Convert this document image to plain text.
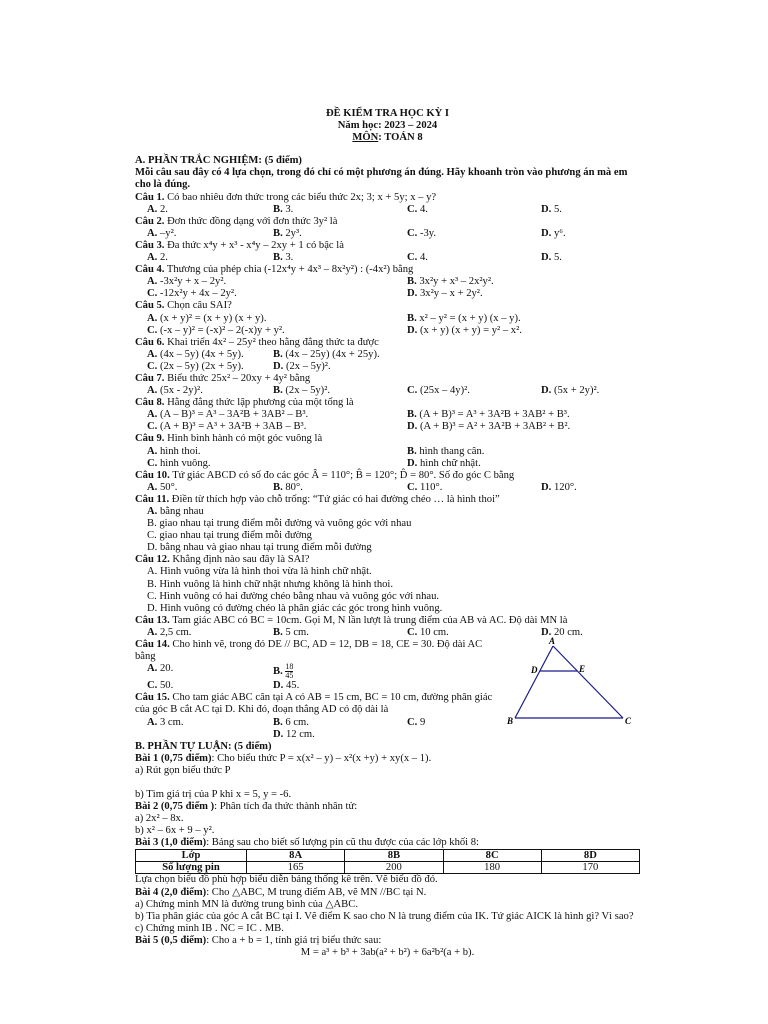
ĐỀ KIỂM TRA HỌC KỲ I
Năm học: 2023 – 2024
MÔN: TOÁN 8
A. PHẦN TRẮC NGHIỆM: (5 điểm)
Mỗi câu sau đây có 4 lựa chọn, trong đó chỉ có một phương án đúng. Hãy khoanh tròn vào phương án mà em cho là đúng.
Câu 1. Có bao nhiêu đơn thức trong các biểu thức 2x; 3; x + 5y; x – y?
A. 2.	B. 3.	C. 4.	D. 5.
Câu 2. Đơn thức đồng dạng với đơn thức 3y² là
A. –y².	B. 2y³.	C. -3y.	D. y⁶.
Câu 3. Đa thức x⁴y + x³ - x⁴y – 2xy + 1 có bậc là
A. 2.	B. 3.	C. 4.	D. 5.
Câu 4. Thương của phép chia (-12x⁴y + 4x³ – 8x²y²) : (-4x²) bằng
A. -3x²y + x – 2y².	B. 3x²y + x³ – 2x²y².
C. -12x²y + 4x – 2y².	D. 3x²y – x + 2y².
Câu 5. Chọn câu SAI?
A. (x + y)² = (x + y) (x + y).	B. x² – y² = (x + y) (x – y).
C. (-x – y)² = (-x)² – 2(-x)y + y².	D. (x + y) (x + y) = y² – x².
Câu 6. Khai triển 4x² – 25y² theo hằng đẳng thức ta được
A. (4x – 5y) (4x + 5y).	B. (4x – 25y) (4x + 25y).
C. (2x – 5y) (2x + 5y).	D. (2x – 5y)².
Câu 7. Biểu thức 25x² – 20xy + 4y² bằng
A. (5x - 2y)².	B. (2x – 5y)².	C. (25x – 4y)².	D. (5x + 2y)².
Câu 8. Hằng đẳng thức lập phương của một tổng là
A. (A – B)³ = A³ – 3A²B + 3AB² – B³.	B. (A + B)³ = A³ + 3A²B + 3AB² + B³.
C. (A + B)³ = A³ + 3A²B + 3AB – B³.	D. (A + B)³ = A² + 3A²B + 3AB² + B².
Câu 9. Hình bình hành có một góc vuông là
A. hình thoi.	B. hình thang cân.
C. hình vuông.	D. hình chữ nhật.
Câu 10. Tứ giác ABCD có số đo các góc Â = 110°; B̂ = 120°; D̂ = 80°. Số đo góc C bằng
A. 50°.	B. 80°.	C. 110°.	D. 120°.
Câu 11. Điền từ thích hợp vào chỗ trống: “Tứ giác có hai đường chéo … là hình thoi”
A. bằng nhau
B. giao nhau tại trung điểm mỗi đường và vuông góc với nhau
C. giao nhau tại trung điểm mỗi đường
D. bằng nhau và giao nhau tại trung điểm mỗi đường
Câu 12. Khẳng định nào sau đây là SAI?
A. Hình vuông vừa là hình thoi vừa là hình chữ nhật.
B. Hình vuông là hình chữ nhật nhưng không là hình thoi.
C. Hình vuông có hai đường chéo bằng nhau và vuông góc với nhau.
D. Hình vuông có đường chéo là phân giác các góc trong hình vuông.
Câu 13. Tam giác ABC có BC = 10cm. Gọi M, N lần lượt là trung điểm của AB và AC. Độ dài MN là
A. 2,5 cm.	B. 5 cm.	C. 10 cm.	D. 20 cm.
Câu 14. Cho hình vẽ, trong đó DE // BC, AD = 12, DB = 18, CE = 30. Độ dài AC bằng
A. 20.	B. $\frac{18}{45}$
C. 50.	D. 45.
Câu 15. Cho tam giác ABC cân tại A có AB = 15 cm, BC = 10 cm, đường phân giác của góc B cắt AC tại D. Khi đó, đoạn thẳng AD có độ dài là
A. 3 cm.	B. 6 cm.	C. 9
D. 12 cm.
B. PHẦN TỰ LUẬN: (5 điểm)
Bài 1 (0,75 điểm): Cho biểu thức P = x(x² – y) – x²(x +y) + xy(x – 1).
a) Rút gọn biểu thức P
b) Tìm giá trị của P khi x = 5, y = -6.
Bài 2 (0,75 điểm ): Phân tích đa thức thành nhân tử:
a) 2x² – 8x.
b) x² – 6x + 9 – y².
Bài 3 (1,0 điểm): Bảng sau cho biết số lượng pin cũ thu được của các lớp khối 8:
Lớp	8A	8B	8C	8D
Số lượng pin	165	200	180	170
Lựa chọn biểu đồ phù hợp biểu diễn bảng thống kê trên. Vẽ biểu đồ đó.
Bài 4 (2,0 điểm): Cho △ABC, M trung điểm AB, vẽ MN //BC tại N.
a) Chứng minh MN là đường trung bình của △ABC.
b) Tia phân giác của góc A cắt BC tại I. Vẽ điểm K sao cho N là trung điểm của IK. Tứ giác AICK là hình gì? Vì sao?
c) Chứng minh IB . NC = IC . MB.
Bài 5 (0,5 điểm): Cho a + b = 1, tính giá trị biểu thức sau:
M = a³ + b³ + 3ab(a² + b²) + 6a²b²(a + b).
A
B	C
D	E
